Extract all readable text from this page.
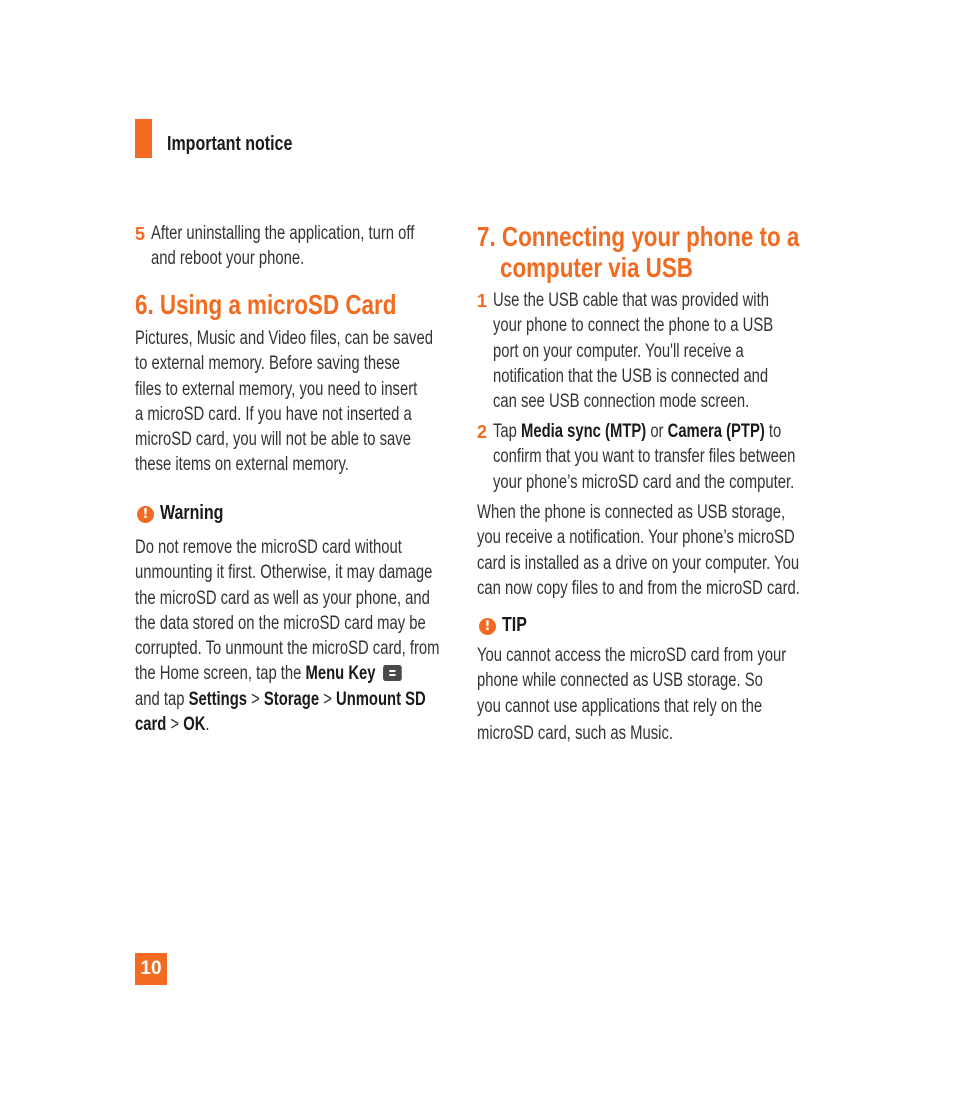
Important notice
5 After uninstalling the application, turn off
and reboot your phone.
6. Using a microSD Card
Pictures, Music and Video files, can be saved
to external memory. Before saving these
files to external memory, you need to insert
a microSD card. If you have not inserted a
microSD card, you will not be able to save
these items on external memory.
! Warning
Do not remove the microSD card without
unmounting it first. Otherwise, it may damage
the microSD card as well as your phone, and
the data stored on the microSD card may be
corrupted. To unmount the microSD card, from
the Home screen, tap the Menu Key
and tap Settings > Storage > Unmount SD
card > OK.
7. Connecting your phone to a
computer via USB
1 Use the USB cable that was provided with
your phone to connect the phone to a USB
port on your computer. You'll receive a
notification that the USB is connected and
can see USB connection mode screen.
2 Tap Media sync (MTP) or Camera (PTP) to
confirm that you want to transfer files between
your phone’s microSD card and the computer.
When the phone is connected as USB storage,
you receive a notification. Your phone’s microSD
card is installed as a drive on your computer. You
can now copy files to and from the microSD card.
! TIP
You cannot access the microSD card from your
phone while connected as USB storage. So
you cannot use applications that rely on the
microSD card, such as Music.
10
